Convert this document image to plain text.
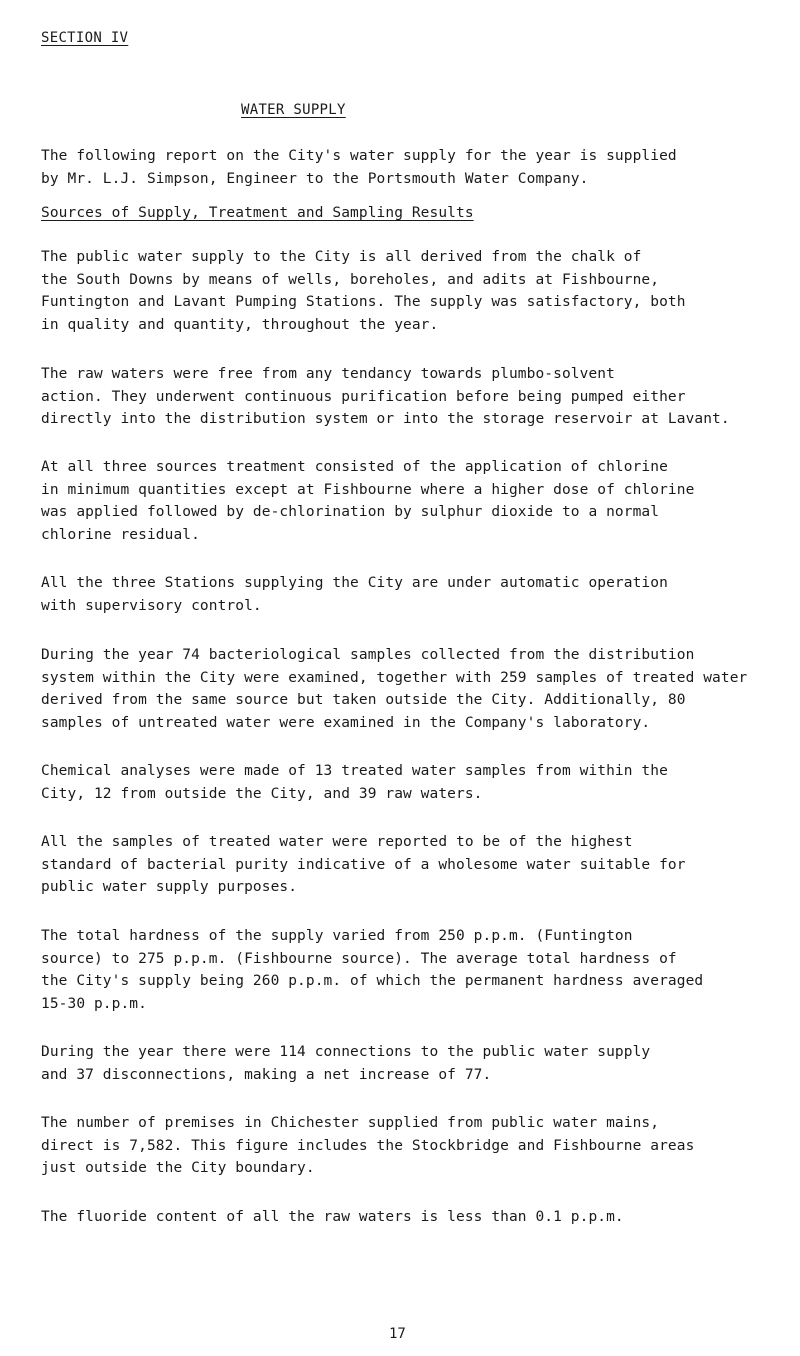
SECTION IV
WATER SUPPLY

The following report on the City's water supply for the year is supplied
by Mr. L.J. Simpson, Engineer to the Portsmouth Water Company.

Sources of Supply, Treatment and Sampling Results

The public water supply to the City is all derived from the chalk of
the South Downs by means of wells, boreholes, and adits at Fishbourne,
Funtington and Lavant Pumping Stations. The supply was satisfactory, both
in quality and quantity, throughout the year.

The raw waters were free from any tendancy towards plumbo-solvent
action. They underwent continuous purification before being pumped either
directly into the distribution system or into the storage reservoir at Lavant.

At all three sources treatment consisted of the application of chlorine
in minimum quantities except at Fishbourne where a higher dose of chlorine
was applied followed by de-chlorination by sulphur dioxide to a normal
chlorine residual.

All the three Stations supplying the City are under automatic operation
with supervisory control.

During the year 74 bacteriological samples collected from the distribution
system within the City were examined, together with 259 samples of treated water
derived from the same source but taken outside the City. Additionally, 80
samples of untreated water were examined in the Company's laboratory.

Chemical analyses were made of 13 treated water samples from within the
City, 12 from outside the City, and 39 raw waters.

All the samples of treated water were reported to be of the highest
standard of bacterial purity indicative of a wholesome water suitable for
public water supply purposes.

The total hardness of the supply varied from 250 p.p.m. (Funtington
source) to 275 p.p.m. (Fishbourne source). The average total hardness of
the City's supply being 260 p.p.m. of which the permanent hardness averaged
15-30 p.p.m.

During the year there were 114 connections to the public water supply
and 37 disconnections, making a net increase of 77.

The number of premises in Chichester supplied from public water mains,
direct is 7,582. This figure includes the Stockbridge and Fishbourne areas
just outside the City boundary.

The fluoride content of all the raw waters is less than 0.1 p.p.m.

17
